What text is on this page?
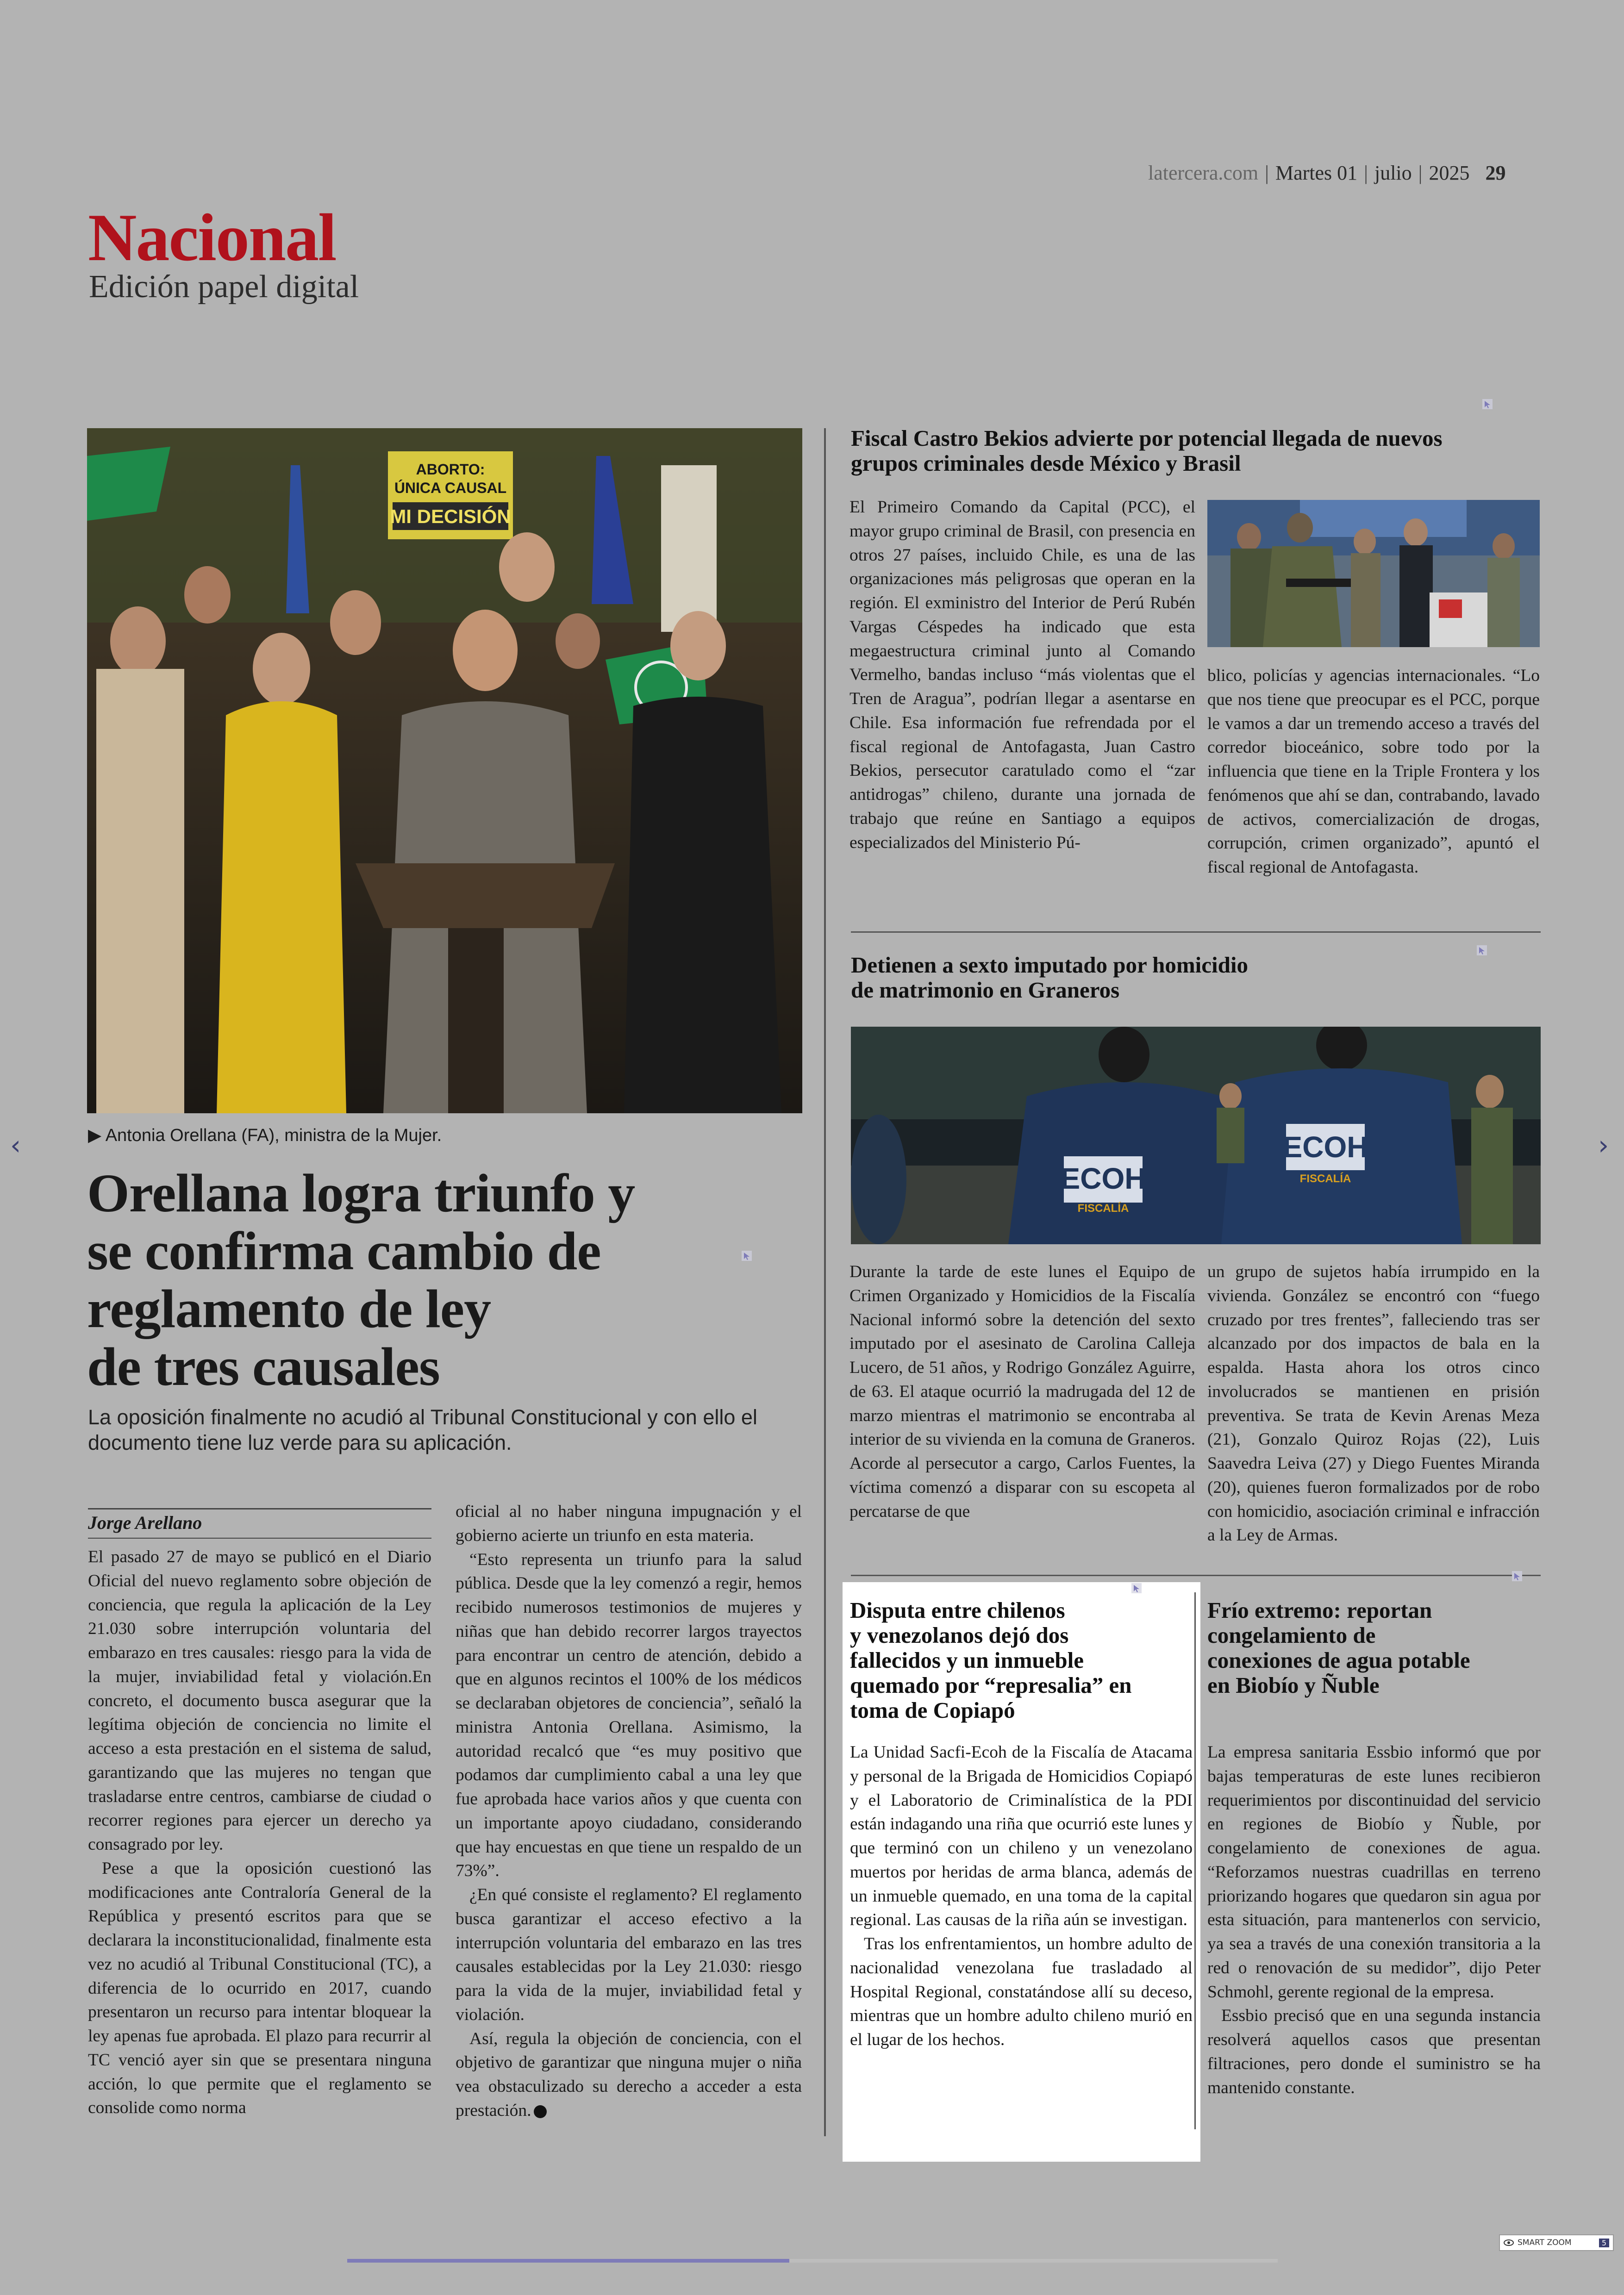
latercera.com | Martes 01 | julio | 2025 29
Nacional
Edición papel digital
ABORTO:
ÚNICA CAUSAL
MI DECISIÓN
▶ Antonia Orellana (FA), ministra de la Mujer.
Orellana logra triunfo y
se confirma cambio de
reglamento de ley
de tres causales
La oposición finalmente no acudió al Tribunal Constitucional y con ello el documento tiene luz verde para su aplicación.
Jorge Arellano

El pasado 27 de mayo se publicó en el Diario Oficial del nuevo reglamento sobre objeción de conciencia, que regula la aplicación de la Ley 21.030 sobre interrupción voluntaria del embarazo en tres causales: riesgo para la vida de la mujer, inviabilidad fetal y violación.En concreto, el documento busca asegurar que la legítima objeción de conciencia no limite el acceso a esta prestación en el sistema de salud, garantizando que las mujeres no tengan que trasladarse entre centros, cambiarse de ciudad o recorrer regiones para ejercer un derecho ya consagrado por ley.

Pese a que la oposición cuestionó las modificaciones ante Contraloría General de la República y presentó escritos para que se declarara la inconstitucionalidad, finalmente esta vez no acudió al Tribunal Constitucional (TC), a diferencia de lo ocurrido en 2017, cuando presentaron un recurso para intentar bloquear la ley apenas fue aprobada. El plazo para recurrir al TC venció ayer sin que se presentara ninguna acción, lo que permite que el reglamento se consolide como norma

oficial al no haber ninguna impugnación y el gobierno aciertе un triunfo en esta materia.

“Esto representa un triunfo para la salud pública. Desde que la ley comenzó a regir, hemos recibido numerosos testimonios de mujeres y niñas que han debido recorrer largos trayectos para encontrar un centro de atención, debido a que en algunos recintos el 100% de los médicos se declaraban objetores de conciencia”, señaló la ministra Antonia Orellana. Asimismo, la autoridad recalcó que “es muy positivo que podamos dar cumplimiento cabal a una ley que fue aprobada hace varios años y que cuenta con un importante apoyo ciudadano, considerando que hay encuestas en que tiene un respaldo de un 73%”.

¿En qué consiste el reglamento? El reglamento busca garantizar el acceso efectivo a la interrupción voluntaria del embarazo en las tres causales establecidas por la Ley 21.030: riesgo para la vida de la mujer, inviabilidad fetal y violación.

Así, regula la objeción de conciencia, con el objetivo de garantizar que ninguna mujer o niña vea obstaculizado su derecho a acceder a esta prestación.

Fiscal Castro Bekios advierte por potencial llegada de nuevos grupos criminales desde México y Brasil
El Primeiro Comando da Capital (PCC), el mayor grupo criminal de Brasil, con presencia en otros 27 países, incluido Chile, es una de las organizaciones más peligrosas que operan en la región. El exministro del Interior de Perú Rubén Vargas Céspedes ha indicado que esta megaestructura criminal junto al Comando Vermelho, bandas incluso “más violentas que el Tren de Aragua”, podrían llegar a asentarse en Chile. Esa información fue refrendada por el fiscal regional de Antofagasta, Juan Castro Bekios, persecutor caratulado como el “zar antidrogas” chileno, durante una jornada de trabajo que reúne en Santiago a equipos especializados del Ministerio Pú-
blico, policías y agencias internacionales. “Lo que nos tiene que preocupar es el PCC, porque le vamos a dar un tremendo acceso a través del corredor bioceánico, sobre todo por la influencia que tiene en la Triple Frontera y los fenómenos que ahí se dan, contrabando, lavado de activos, comercialización de drogas, corrupción, crimen organizado”, apuntó el fiscal regional de Antofagasta.
Detienen a sexto imputado por homicidio
de matrimonio en Graneros
ECOH
FISCALÍA
ECOH
FISCALÍA
Durante la tarde de este lunes el Equipo de Crimen Organizado y Homicidios de la Fiscalía Nacional informó sobre la detención del sexto imputado por el asesinato de Carolina Calleja Lucero, de 51 años, y Rodrigo González Aguirre, de 63. El ataque ocurrió la madrugada del 12 de marzo mientras el matrimonio se encontraba al interior de su vivienda en la comuna de Graneros. Acorde al persecutor a cargo, Carlos Fuentes, la víctima comenzó a disparar con su escopeta al percatarse de que
un grupo de sujetos había irrumpido en la vivienda. González se encontró con “fuego cruzado por tres frentes”, falleciendo tras ser alcanzado por dos impactos de bala en la espalda. Hasta ahora los otros cinco involucrados se mantienen en prisión preventiva. Se trata de Kevin Arenas Meza (21), Gonzalo Quiroz Rojas (22), Luis Saavedra Leiva (27) y Diego Fuentes Miranda (20), quienes fueron formalizados por de robo con homicidio, asociación criminal e infracción a la Ley de Armas.
Disputa entre chilenos
y venezolanos dejó dos
fallecidos y un inmueble
quemado por “represalia” en
toma de Copiapó

La Unidad Sacfi-Ecoh de la Fiscalía de Atacama y personal de la Brigada de Homicidios Copiapó y el Laboratorio de Criminalística de la PDI están indagando una riña que ocurrió este lunes y que terminó con un chileno y un venezolano muertos por heridas de arma blanca, además de un inmueble quemado, en una toma de la capital regional. Las causas de la riña aún se investigan.

Tras los enfrentamientos, un hombre adulto de nacionalidad venezolana fue trasladado al Hospital Regional, constatándose allí su deceso, mientras que un hombre adulto chileno murió en el lugar de los hechos.

Frío extremo: reportan
congelamiento de
conexiones de agua potable
en Biobío y Ñuble

La empresa sanitaria Essbio informó que por bajas temperaturas de este lunes recibieron requerimientos por discontinuidad del servicio en regiones de Biobío y Ñuble, por congelamiento de conexiones de agua. “Reforzamos nuestras cuadrillas en terreno priorizando hogares que quedaron sin agua por esta situación, para mantenerlos con servicio, ya sea a través de una conexión transitoria a la red o renovación de su medidor”, dijo Peter Schmohl, gerente regional de la empresa.

Essbio precisó que en una segunda instancia resolverá aquellos casos que presentan filtraciones, pero donde el suministro se ha mantenido constante.

‹	›
SMART ZOOM	5
